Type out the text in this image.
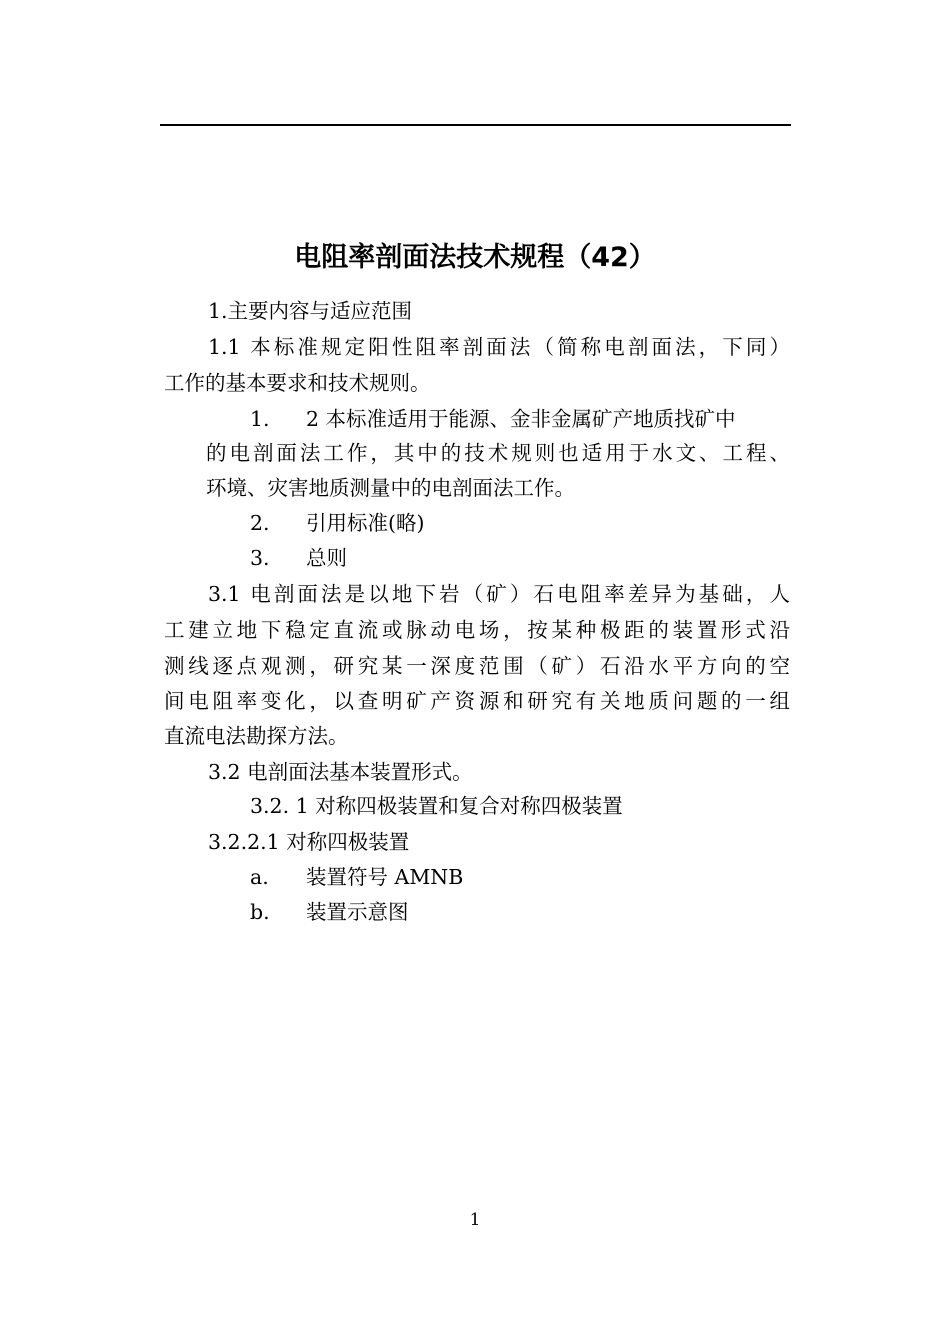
电阻率剖面法技术规程（42）
1.主要内容与适应范围
1.1 本标准规定阳性阻率剖面法（简称电剖面法，下同）
工作的基本要求和技术规则。
1. 2 本标准适用于能源、金非金属矿产地质找矿中
的电剖面法工作，其中的技术规则也适用于水文、工程、
环境、灾害地质测量中的电剖面法工作。
2. 引用标准(略)
3. 总则
3.1 电剖面法是以地下岩（矿）石电阻率差异为基础，人
工建立地下稳定直流或脉动电场，按某种极距的装置形式沿
测线逐点观测，研究某一深度范围（矿）石沿水平方向的空
间电阻率变化，以查明矿产资源和研究有关地质问题的一组
直流电法勘探方法。
3.2 电剖面法基本装置形式。
3.2. 1 对称四极装置和复合对称四极装置
3.2.2.1 对称四极装置
a. 装置符号 AMNB
b. 装置示意图
1
